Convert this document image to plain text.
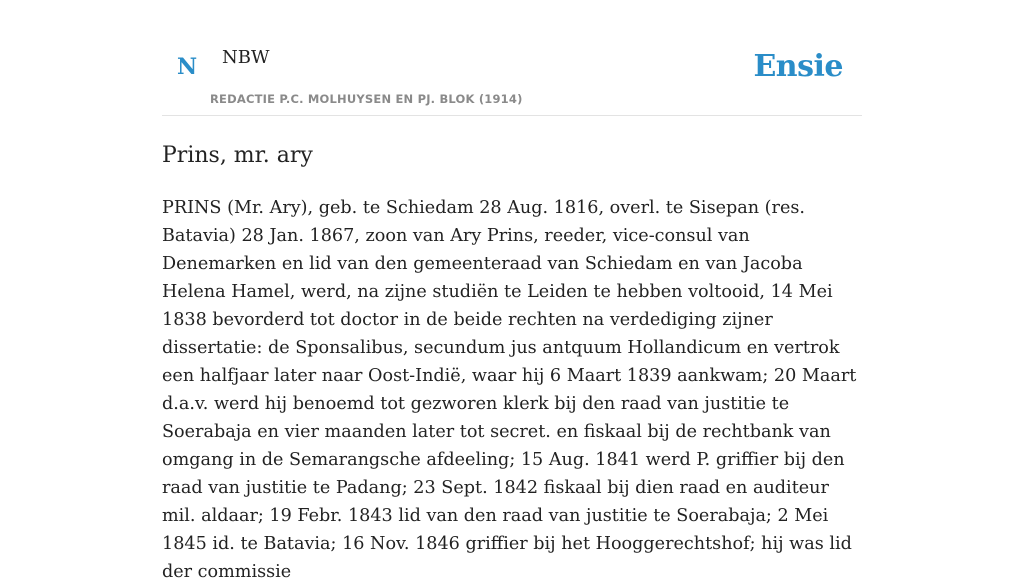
N NBW	Ensie
REDACTIE P.C. MOLHUYSEN EN PJ. BLOK (1914)
Prins, mr. ary

PRINS (Mr. Ary), geb. te Schiedam 28 Aug. 1816, overl. te Sisepan (res. Batavia) 28 Jan. 1867, zoon van Ary Prins, reeder, vice-consul van Denemarken en lid van den gemeenteraad van Schiedam en van Jacoba Helena Hamel, werd, na zijne studiën te Leiden te hebben voltooid, 14 Mei 1838 bevorderd tot doctor in de beide rechten na verdediging zijner dissertatie: de Sponsalibus, secundum jus antquum Hollandicum en vertrok een halfjaar later naar Oost-Indië, waar hij 6 Maart 1839 aankwam; 20 Maart d.a.v. werd hij benoemd tot gezworen klerk bij den raad van justitie te Soerabaja en vier maanden later tot secret. en fiskaal bij de rechtbank van omgang in de Semarangsche afdeeling; 15 Aug. 1841 werd P. griffier bij den raad van justitie te Padang; 23 Sept. 1842 fiskaal bij dien raad en auditeur mil. aldaar; 19 Febr. 1843 lid van den raad van justitie te Soerabaja; 2 Mei 1845 id. te Batavia; 16 Nov. 1846 griffier bij het Hooggerechtshof; hij was lid der commissie
